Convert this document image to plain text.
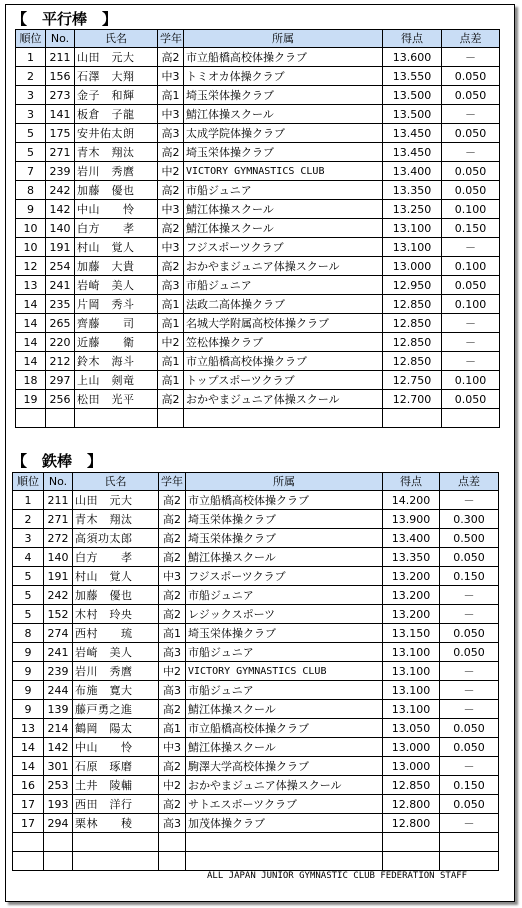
【　平行棒　】
順位	No.	氏名	学年	所属	得点	点差
1	211	山田　元大	高2	市立船橋高校体操クラブ	13.600	－
2	156	石澤　大翔	中3	トミオカ体操クラブ	13.550	0.050
3	273	金子　和輝	高1	埼玉栄体操クラブ	13.500	0.050
3	141	板倉　子龍	中3	鯖江体操スクール	13.500	－
5	175	安井佑太朗	高3	太成学院体操クラブ	13.450	0.050
5	271	青木　翔汰	高2	埼玉栄体操クラブ	13.450	－
7	239	岩川　秀麿	中2	VICTORY GYMNASTICS CLUB	13.400	0.050
8	242	加藤　優也	高2	市船ジュニア	13.350	0.050
9	142	中山　　怜	中3	鯖江体操スクール	13.250	0.100
10	140	白方　　孝	高2	鯖江体操スクール	13.100	0.150
10	191	村山　覚人	中3	フジスポーツクラブ	13.100	－
12	254	加藤　大貴	高2	おかやまジュニア体操スクール	13.000	0.100
13	241	岩崎　美人	高3	市船ジュニア	12.950	0.050
14	235	片岡　秀斗	高1	法政二高体操クラブ	12.850	0.100
14	265	齊藤　　司	高1	名城大学附属高校体操クラブ	12.850	－
14	220	近藤　　衛	中2	笠松体操クラブ	12.850	－
14	212	鈴木　海斗	高1	市立船橋高校体操クラブ	12.850	－
18	297	上山　剣竜	高1	トップスポーツクラブ	12.750	0.100
19	256	松田　光平	高2	おかやまジュニア体操スクール	12.700	0.050

【　鉄棒　】
順位	No.	氏名	学年	所属	得点	点差
1	211	山田　元大	高2	市立船橋高校体操クラブ	14.200	－
2	271	青木　翔汰	高2	埼玉栄体操クラブ	13.900	0.300
3	272	高須功太郎	高2	埼玉栄体操クラブ	13.400	0.500
4	140	白方　　孝	高2	鯖江体操スクール	13.350	0.050
5	191	村山　覚人	中3	フジスポーツクラブ	13.200	0.150
5	242	加藤　優也	高2	市船ジュニア	13.200	－
5	152	木村　玲央	高2	レジックスポーツ	13.200	－
8	274	西村　　琉	高1	埼玉栄体操クラブ	13.150	0.050
9	241	岩崎　美人	高3	市船ジュニア	13.100	0.050
9	239	岩川　秀麿	中2	VICTORY GYMNASTICS CLUB	13.100	－
9	244	布施　寛大	高3	市船ジュニア	13.100	－
9	139	藤戸勇之進	高2	鯖江体操スクール	13.100	－
13	214	鶴岡　陽太	高1	市立船橋高校体操クラブ	13.050	0.050
14	142	中山　　怜	中3	鯖江体操スクール	13.000	0.050
14	301	石原　琢磨	高2	駒澤大学高校体操クラブ	13.000	－
16	253	土井　陵輔	中2	おかやまジュニア体操スクール	12.850	0.150
17	193	西田　洋行	高2	サトエスポーツクラブ	12.800	0.050
17	294	栗林　　稜	高3	加茂体操クラブ	12.800	－

ALL JAPAN JUNIOR GYMNASTIC CLUB FEDERATION STAFF
